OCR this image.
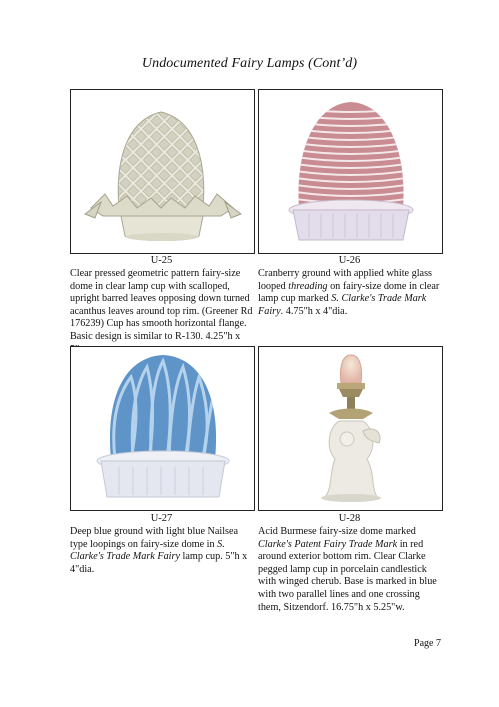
Undocumented Fairy Lamps (Cont’d)
U-25
Clear pressed geometric pattern fairy-size dome in clear lamp cup with scalloped, upright barred leaves opposing down turned acanthus leaves around top rim. (Greener Rd 176239) Cup has smooth horizontal flange. Basic design is similar to R-130. 4.25"h x
U-26
Cranberry ground with applied white glass looped threading on fairy-size dome in clear lamp cup marked S. Clarke's Trade Mark Fairy. 4.75"h x 4"dia.
U-27
Deep blue ground with light blue Nailsea type loopings on fairy-size dome in S. Clarke's Trade Mark Fairy lamp cup. 5"h x 4"dia.
U-28
Acid Burmese fairy-size dome marked Clarke's Patent Fairy Trade Mark in red around exterior bottom rim. Clear Clarke pegged lamp cup in porcelain candlestick with winged cherub. Base is marked in blue with two parallel lines and one crossing them, Sitzendorf. 16.75"h x 5.25"w.
Page 7
